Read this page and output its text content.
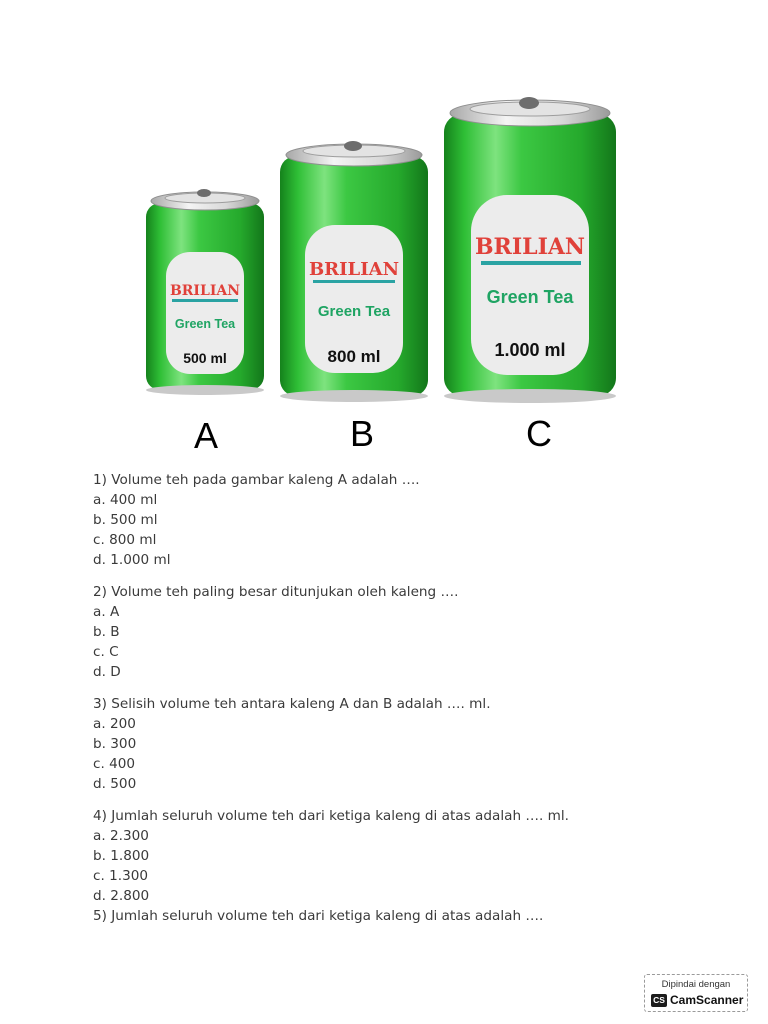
BRILIAN
Green Tea
500 ml
A
BRILIAN
Green Tea
800 ml
B
BRILIAN
Green Tea
1.000 ml
C
1) Volume teh pada gambar kaleng A adalah ….
a. 400 ml
b. 500 ml
c. 800 ml
d. 1.000 ml
2) Volume teh paling besar ditunjukan oleh kaleng ….
a. A
b. B
c. C
d. D
3) Selisih volume teh antara kaleng A dan B adalah …. ml.
a. 200
b. 300
c. 400
d. 500
4) Jumlah seluruh volume teh dari ketiga kaleng di atas adalah …. ml.
a. 2.300
b. 1.800
c. 1.300
d. 2.800
5) Jumlah seluruh volume teh dari ketiga kaleng di atas adalah ….
Dipindai dengan
CS CamScanner
